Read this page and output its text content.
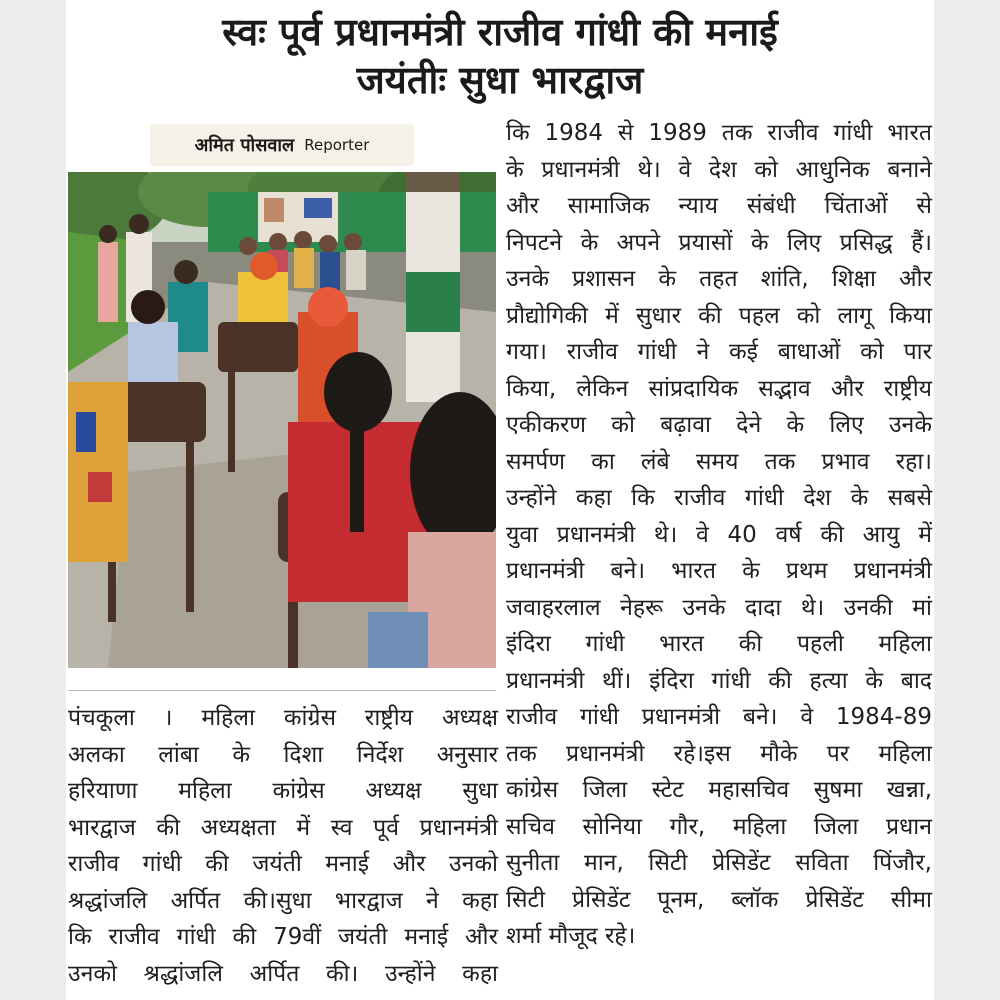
स्वः पूर्व प्रधानमंत्री राजीव गांधी की मनाई
जयंतीः सुधा भारद्वाज
अमित पोसवाल Reporter	कि 1984 से 1989 तक राजीव गांधी भारत
के प्रधानमंत्री थे। वे देश को आधुनिक बनाने
और सामाजिक न्याय संबंधी चिंताओं से
निपटने के अपने प्रयासों के लिए प्रसिद्ध हैं।
उनके प्रशासन के तहत शांति, शिक्षा और
प्रौद्योगिकी में सुधार की पहल को लागू किया
गया। राजीव गांधी ने कई बाधाओं को पार
किया, लेकिन सांप्रदायिक सद्भाव और राष्ट्रीय
एकीकरण को बढ़ावा देने के लिए उनके
समर्पण का लंबे समय तक प्रभाव रहा।
उन्होंने कहा कि राजीव गांधी देश के सबसे
युवा प्रधानमंत्री थे। वे 40 वर्ष की आयु में
प्रधानमंत्री बने। भारत के प्रथम प्रधानमंत्री
जवाहरलाल नेहरू उनके दादा थे। उनकी मां
इंदिरा गांधी भारत की पहली महिला
प्रधानमंत्री थीं। इंदिरा गांधी की हत्या के बाद
राजीव गांधी प्रधानमंत्री बने। वे 1984-89
तक प्रधानमंत्री रहे।इस मौके पर महिला
कांग्रेस जिला स्टेट महासचिव सुषमा खन्ना,
सचिव सोनिया गौर, महिला जिला प्रधान
सुनीता मान, सिटी प्रेसिडेंट सविता पिंजौर,
सिटी प्रेसिडेंट पूनम, ब्लॉक प्रेसिडेंट सीमा
शर्मा मौजूद रहे।
पंचकूला । महिला कांग्रेस राष्ट्रीय अध्यक्ष
अलका लांबा के दिशा निर्देश अनुसार
हरियाणा महिला कांग्रेस अध्यक्ष सुधा
भारद्वाज की अध्यक्षता में स्व पूर्व प्रधानमंत्री
राजीव गांधी की जयंती मनाई और उनको
श्रद्धांजलि अर्पित की।सुधा भारद्वाज ने कहा
कि राजीव गांधी की 79वीं जयंती मनाई और
उनको श्रद्धांजलि अर्पित की। उन्होंने कहा
